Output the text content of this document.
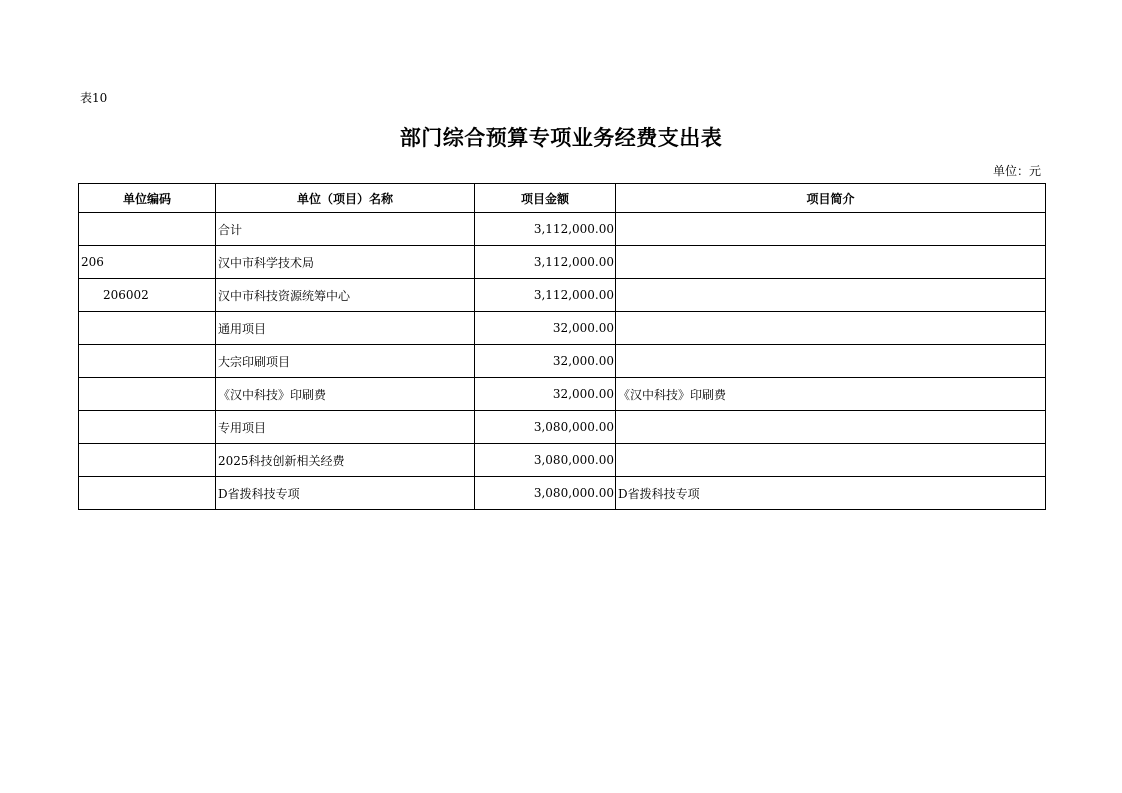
表10
部门综合预算专项业务经费支出表
单位：元
单位编码	单位（项目）名称	项目金额	项目简介
	合计	3,112,000.00	
206	汉中市科学技术局	3,112,000.00	
206002	汉中市科技资源统筹中心	3,112,000.00	
	通用项目	32,000.00	
	大宗印刷项目	32,000.00	
	《汉中科技》印刷费	32,000.00	《汉中科技》印刷费
	专用项目	3,080,000.00	
	2025科技创新相关经费	3,080,000.00	
	D省拨科技专项	3,080,000.00	D省拨科技专项
